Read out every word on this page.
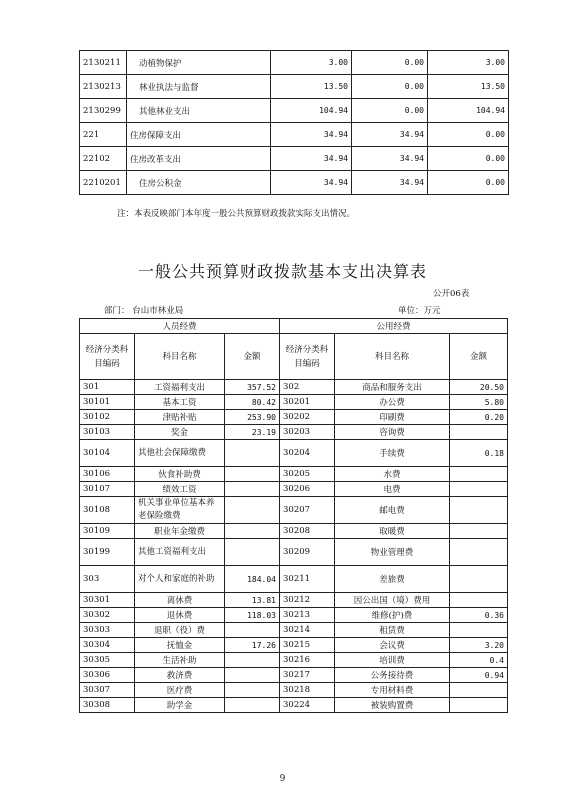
2130211	动植物保护	3.00	0.00	3.00
2130213	林业执法与监督	13.50	0.00	13.50
2130299	其他林业支出	104.94	0.00	104.94
221	住房保障支出	34.94	34.94	0.00
22102	住房改革支出	34.94	34.94	0.00
2210201	住房公积金	34.94	34.94	0.00
注：本表反映部门本年度一般公共预算财政拨款实际支出情况。
一般公共预算财政拨款基本支出决算表
公开06表
部门： 台山市林业局	单位：万元
人员经费			公用经费		
经济分类科目编码	科目名称	金额	经济分类科目编码	科目名称	金额
301	工资福利支出	357.52	302	商品和服务支出	20.50
30101	基本工资	80.42	30201	办公费	5.80
30102	津贴补贴	253.90	30202	印刷费	0.20
30103	奖金	23.19	30203	咨询费	
30104	其他社会保障缴费		30204	手续费	0.18
30106	伙食补助费		30205	水费	
30107	绩效工资		30206	电费	
30108	机关事业单位基本养老保险缴费		30207	邮电费	
30109	职业年金缴费		30208	取暖费	
30199	其他工资福利支出		30209	物业管理费	
303	对个人和家庭的补助	184.04	30211	差旅费	
30301	离休费	13.81	30212	因公出国（境）费用	
30302	退休费	118.03	30213	维修(护)费	0.36
30303	退职（役）费		30214	租赁费	
30304	抚恤金	17.26	30215	会议费	3.20
30305	生活补助		30216	培训费	0.4
30306	救济费		30217	公务接待费	0.94
30307	医疗费		30218	专用材料费	
30308	助学金		30224	被装购置费	
9
